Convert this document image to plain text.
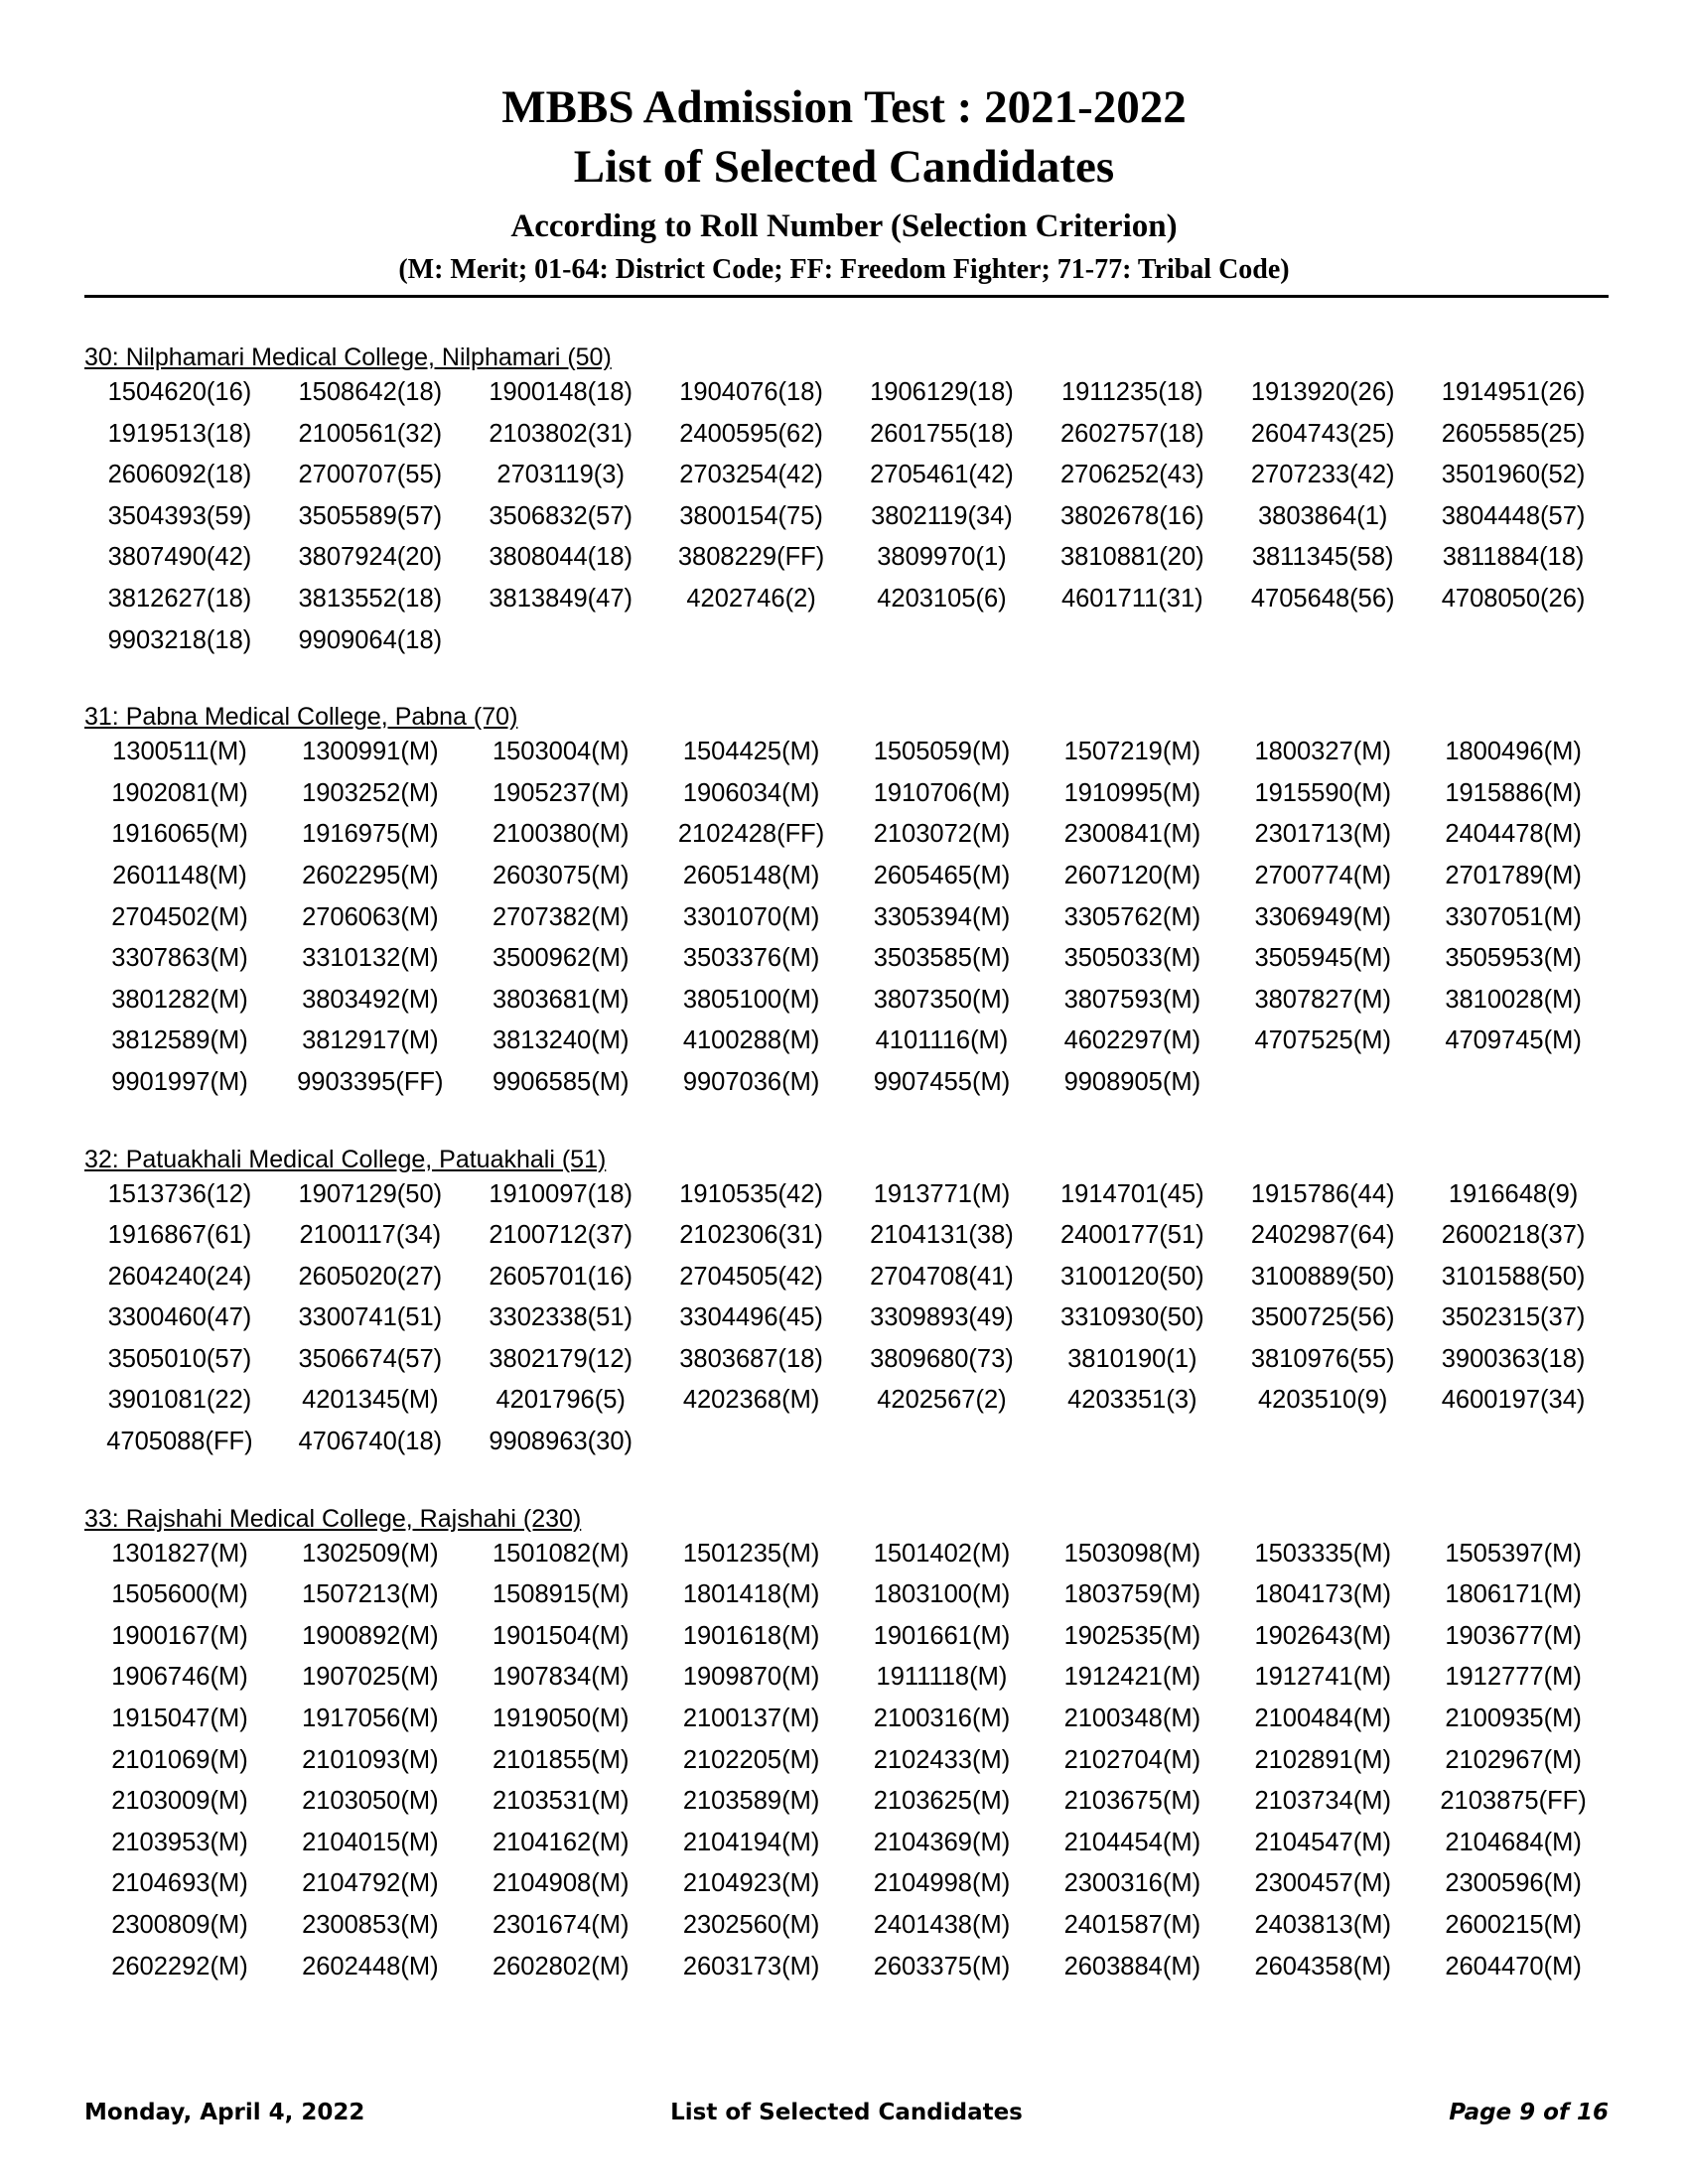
MBBS Admission Test : 2021-2022
List of Selected Candidates
According to Roll Number (Selection Criterion)
(M: Merit; 01-64: District Code; FF: Freedom Fighter; 71-77: Tribal Code)
30: Nilphamari Medical College, Nilphamari (50)
1504620(16)	1508642(18)	1900148(18)	1904076(18)	1906129(18)	1911235(18)	1913920(26)	1914951(26)
1919513(18)	2100561(32)	2103802(31)	2400595(62)	2601755(18)	2602757(18)	2604743(25)	2605585(25)
2606092(18)	2700707(55)	2703119(3)	2703254(42)	2705461(42)	2706252(43)	2707233(42)	3501960(52)
3504393(59)	3505589(57)	3506832(57)	3800154(75)	3802119(34)	3802678(16)	3803864(1)	3804448(57)
3807490(42)	3807924(20)	3808044(18)	3808229(FF)	3809970(1)	3810881(20)	3811345(58)	3811884(18)
3812627(18)	3813552(18)	3813849(47)	4202746(2)	4203105(6)	4601711(31)	4705648(56)	4708050(26)
9903218(18)	9909064(18)
31: Pabna Medical College, Pabna (70)
1300511(M)	1300991(M)	1503004(M)	1504425(M)	1505059(M)	1507219(M)	1800327(M)	1800496(M)
1902081(M)	1903252(M)	1905237(M)	1906034(M)	1910706(M)	1910995(M)	1915590(M)	1915886(M)
1916065(M)	1916975(M)	2100380(M)	2102428(FF)	2103072(M)	2300841(M)	2301713(M)	2404478(M)
2601148(M)	2602295(M)	2603075(M)	2605148(M)	2605465(M)	2607120(M)	2700774(M)	2701789(M)
2704502(M)	2706063(M)	2707382(M)	3301070(M)	3305394(M)	3305762(M)	3306949(M)	3307051(M)
3307863(M)	3310132(M)	3500962(M)	3503376(M)	3503585(M)	3505033(M)	3505945(M)	3505953(M)
3801282(M)	3803492(M)	3803681(M)	3805100(M)	3807350(M)	3807593(M)	3807827(M)	3810028(M)
3812589(M)	3812917(M)	3813240(M)	4100288(M)	4101116(M)	4602297(M)	4707525(M)	4709745(M)
9901997(M)	9903395(FF)	9906585(M)	9907036(M)	9907455(M)	9908905(M)
32: Patuakhali Medical College, Patuakhali (51)
1513736(12)	1907129(50)	1910097(18)	1910535(42)	1913771(M)	1914701(45)	1915786(44)	1916648(9)
1916867(61)	2100117(34)	2100712(37)	2102306(31)	2104131(38)	2400177(51)	2402987(64)	2600218(37)
2604240(24)	2605020(27)	2605701(16)	2704505(42)	2704708(41)	3100120(50)	3100889(50)	3101588(50)
3300460(47)	3300741(51)	3302338(51)	3304496(45)	3309893(49)	3310930(50)	3500725(56)	3502315(37)
3505010(57)	3506674(57)	3802179(12)	3803687(18)	3809680(73)	3810190(1)	3810976(55)	3900363(18)
3901081(22)	4201345(M)	4201796(5)	4202368(M)	4202567(2)	4203351(3)	4203510(9)	4600197(34)
4705088(FF)	4706740(18)	9908963(30)
33: Rajshahi Medical College, Rajshahi (230)
1301827(M)	1302509(M)	1501082(M)	1501235(M)	1501402(M)	1503098(M)	1503335(M)	1505397(M)
1505600(M)	1507213(M)	1508915(M)	1801418(M)	1803100(M)	1803759(M)	1804173(M)	1806171(M)
1900167(M)	1900892(M)	1901504(M)	1901618(M)	1901661(M)	1902535(M)	1902643(M)	1903677(M)
1906746(M)	1907025(M)	1907834(M)	1909870(M)	1911118(M)	1912421(M)	1912741(M)	1912777(M)
1915047(M)	1917056(M)	1919050(M)	2100137(M)	2100316(M)	2100348(M)	2100484(M)	2100935(M)
2101069(M)	2101093(M)	2101855(M)	2102205(M)	2102433(M)	2102704(M)	2102891(M)	2102967(M)
2103009(M)	2103050(M)	2103531(M)	2103589(M)	2103625(M)	2103675(M)	2103734(M)	2103875(FF)
2103953(M)	2104015(M)	2104162(M)	2104194(M)	2104369(M)	2104454(M)	2104547(M)	2104684(M)
2104693(M)	2104792(M)	2104908(M)	2104923(M)	2104998(M)	2300316(M)	2300457(M)	2300596(M)
2300809(M)	2300853(M)	2301674(M)	2302560(M)	2401438(M)	2401587(M)	2403813(M)	2600215(M)
2602292(M)	2602448(M)	2602802(M)	2603173(M)	2603375(M)	2603884(M)	2604358(M)	2604470(M)
Monday, April 4, 2022	List of Selected Candidates	Page 9 of 16
